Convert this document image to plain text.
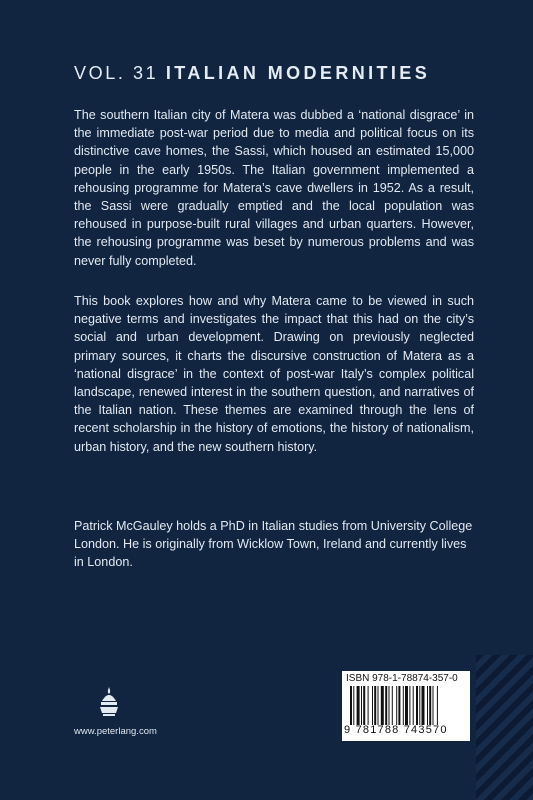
VOL. 31 ITALIAN MODERNITIES

The southern Italian city of Matera was dubbed a ‘national disgrace’ in the immediate post-war period due to media and political focus on its distinctive cave homes, the Sassi, which housed an estimated 15,000 people in the early 1950s. The Italian government implemented a rehousing programme for Matera’s cave dwellers in 1952. As a result, the Sassi were gradually emptied and the local population was rehoused in purpose-built rural villages and urban quarters. However, the rehousing programme was beset by numerous problems and was never fully completed.

This book explores how and why Matera came to be viewed in such negative terms and investigates the impact that this had on the city’s social and urban development. Drawing on previously neglected primary sources, it charts the discursive construction of Matera as a ‘national disgrace’ in the context of post-war Italy’s complex political landscape, renewed interest in the southern question, and narratives of the Italian nation. These themes are examined through the lens of recent scholarship in the history of emotions, the history of nationalism, urban history, and the new southern history.

Patrick McGauley holds a PhD in Italian studies from University College London. He is originally from Wicklow Town, Ireland and currently lives in London.

www.peterlang.com
ISBN 978-1-78874-357-0
9 781788 743570
